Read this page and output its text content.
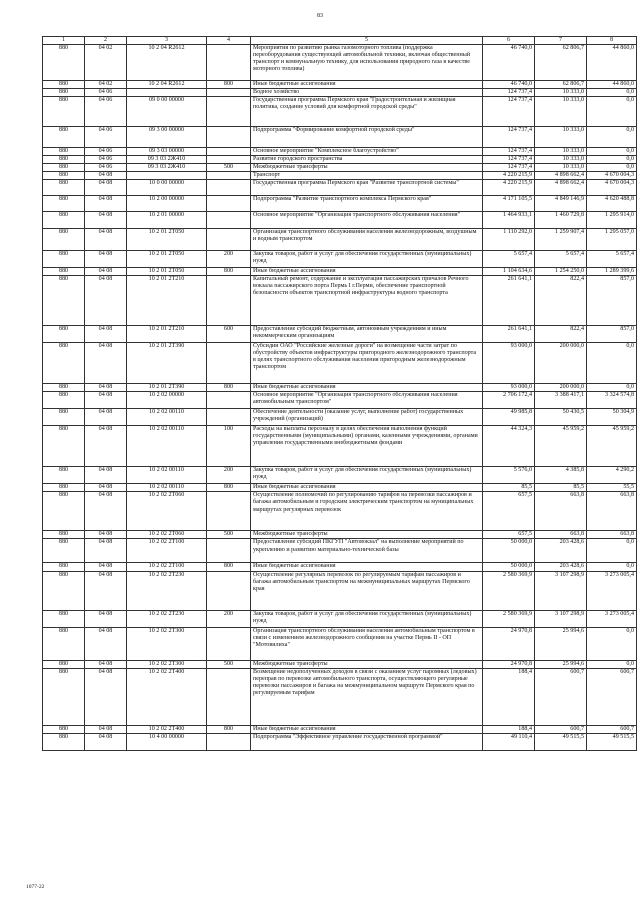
83
1	2	3	4	5	6	7	8
880	04 02	10 2 04 R2612		Мероприятия по развитию рынка газомоторного топлива (поддержка переоборудования существующей автомобильной техники, включая общественный транспорт и коммунальную технику, для использования природного газа в качестве моторного топлива)	46 740,0	62 806,7	44 860,0
880	04 02	10 2 04 R2612	800	Иные бюджетные ассигнования	46 740,0	62 806,7	44 860,0
880	04 06			Водное хозяйство	124 737,4	10 333,0	0,0
880	04 06	09 0 00 00000		Государственная программа Пермского края "Градостроительная и жилищная политика, создание условий для комфортной городской среды"	124 737,4	10 333,0	0,0
880	04 06	09 3 00 00000		Подпрограмма "Формирование комфортной городской среды"	124 737,4	10 333,0	0,0
880	04 06	09 3 03 00000		Основное мероприятие "Комплексное благоустройство"	124 737,4	10 333,0	0,0
880	04 06	09 3 03 2Ж410		Развитие городского пространства	124 737,4	10 333,0	0,0
880	04 06	09 3 03 2Ж410	500	Межбюджетные трансферты	124 737,4	10 333,0	0,0
880	04 08			Транспорт	4 220 215,9	4 898 662,4	4 670 004,3
880	04 08	10 0 00 00000		Государственная программа Пермского края "Развитие транспортной системы"	4 220 215,9	4 898 662,4	4 670 004,3
880	04 08	10 2 00 00000		Подпрограмма "Развитие транспортного комплекса Пермского края"	4 171 105,5	4 849 146,9	4 620 488,8
880	04 08	10 2 01 00000		Основное мероприятие "Организация транспортного обслуживания населения"	1 464 933,1	1 460 729,8	1 295 914,0
880	04 08	10 2 01 2Т050		Организация транспортного обслуживания населения железнодорожным, воздушным и водным транспортом	1 110 292,0	1 259 907,4	1 295 057,0
880	04 08	10 2 01 2Т050	200	Закупка товаров, работ и услуг для обеспечения государственных (муниципальных) нужд	5 657,4	5 657,4	5 657,4
880	04 08	10 2 01 2Т050	800	Иные бюджетные ассигнования	1 104 634,6	1 254 250,0	1 289 399,6
880	04 08	10 2 01 2Т210		Капитальный ремонт, содержание и эксплуатация пассажирских причалов Речного вокзала пассажирского порта Пермь I г.Перми, обеспечение транспортной безопасности объектов транспортной инфраструктуры водного транспорта	261 641,1	822,4	857,0
880	04 08	10 2 01 2Т210	600	Предоставление субсидий бюджетным, автономным учреждениям и иным некоммерческим организациям	261 641,1	822,4	857,0
880	04 08	10 2 01 2Т390		Субсидии ОАО "Российские железные дороги" на возмещение части затрат по обустройству объектов инфраструктуры пригородного железнодорожного транспорта в целях транспортного обслуживания населения пригородным железнодорожным транспортом	93 000,0	200 000,0	0,0
880	04 08	10 2 01 2Т390	800	Иные бюджетные ассигнования	93 000,0	200 000,0	0,0
880	04 08	10 2 02 00000		Основное мероприятие "Организация транспортного обслуживания населения автомобильным транспортом"	2 706 172,4	3 388 417,1	3 324 574,8
880	04 08	10 2 02 00110		Обеспечение деятельности (оказание услуг, выполнение работ) государственных учреждений (организаций)	49 985,8	50 430,5	50 304,9
880	04 08	10 2 02 00110	100	Расходы на выплаты персоналу в целях обеспечения выполнения функций государственными (муниципальными) органами, казенными учреждениями, органами управления государственными внебюджетными фондами	44 324,3	45 959,2	45 959,2
880	04 08	10 2 02 00110	200	Закупка товаров, работ и услуг для обеспечения государственных (муниципальных) нужд	5 576,0	4 385,8	4 290,2
880	04 08	10 2 02 00110	800	Иные бюджетные ассигнования	85,5	85,5	55,5
880	04 08	10 2 02 2Т060		Осуществление полномочий по регулированию тарифов на перевозки пассажиров и багажа автомобильным и городским электрическим транспортом на муниципальных маршрутах регулярных перевозок	657,5	663,8	663,8
880	04 08	10 2 02 2Т060	500	Межбюджетные трансферты	657,5	663,8	663,8
880	04 08	10 2 02 2Т100		Предоставление субсидий ПКГУП "Автовокзал" на выполнение мероприятий по укреплению и развитию материально-технической базы	50 000,0	203 428,6	0,0
880	04 08	10 2 02 2Т100	800	Иные бюджетные ассигнования	50 000,0	203 428,6	0,0
880	04 08	10 2 02 2Т230		Осуществление регулярных перевозок по регулируемым тарифам пассажиров и багажа автомобильным транспортом на межмуниципальных маршрутах Пермского края	2 580 369,9	3 107 298,9	3 273 005,4
880	04 08	10 2 02 2Т230	200	Закупка товаров, работ и услуг для обеспечения государственных (муниципальных) нужд	2 580 369,9	3 107 298,9	3 273 005,4
880	04 08	10 2 02 2Т300		Организация транспортного обслуживания населения автомобильным транспортом в связи с изменением железнодорожного сообщения на участке Пермь II - ОП "Мотовилиха"	24 970,8	25 994,6	0,0
880	04 08	10 2 02 2Т300	500	Межбюджетные трансферты	24 970,8	25 994,6	0,0
880	04 08	10 2 02 2Т400		Возмещение недополученных доходов в связи с оказанием услуг паромных (ледовых) переправ по перевозке автомобильного транспорта, осуществляющего регулярные перевозки пассажиров и багажа на межмуниципальном маршруте Пермского края по регулируемым тарифам	188,4	600,7	600,7
880	04 08	10 2 02 2Т400	800	Иные бюджетные ассигнования	188,4	600,7	600,7
880	04 08	10 4 00 00000		Подпрограмма "Эффективное управление государственной программой"	49 110,4	49 515,5	49 515,5
1077-22
